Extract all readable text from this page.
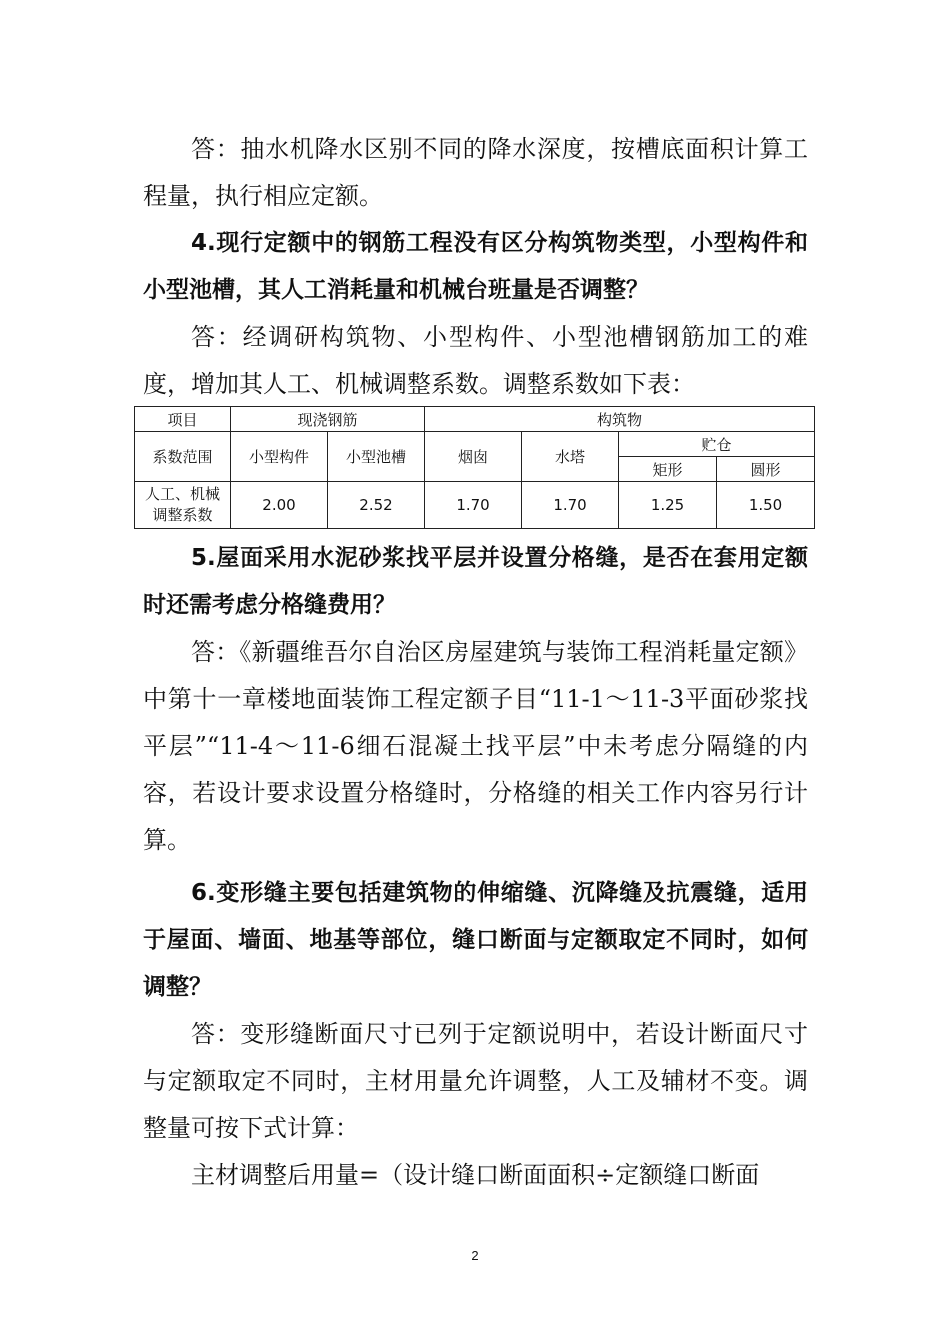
答：抽水机降水区别不同的降水深度，按槽底面积计算工程量，执行相应定额。

4.现行定额中的钢筋工程没有区分构筑物类型，小型构件和小型池槽，其人工消耗量和机械台班量是否调整？

答：经调研构筑物、小型构件、小型池槽钢筋加工的难度，增加其人工、机械调整系数。调整系数如下表：

项目	现浇钢筋		构筑物			
系数范围	小型构件	小型池槽	烟囱	水塔	贮仓	
					矩形	圆形
人工、机械
调整系数	2.00	2.52	1.70	1.70	1.25	1.50

5.屋面采用水泥砂浆找平层并设置分格缝，是否在套用定额时还需考虑分格缝费用？

答：《新疆维吾尔自治区房屋建筑与装饰工程消耗量定额》中第十一章楼地面装饰工程定额子目“11-1～11-3平面砂浆找平层”“11-4～11-6细石混凝土找平层”中未考虑分隔缝的内容，若设计要求设置分格缝时，分格缝的相关工作内容另行计算。

6.变形缝主要包括建筑物的伸缩缝、沉降缝及抗震缝，适用于屋面、墙面、地基等部位，缝口断面与定额取定不同时，如何调整？

答：变形缝断面尺寸已列于定额说明中，若设计断面尺寸与定额取定不同时，主材用量允许调整，人工及辅材不变。调整量可按下式计算：

主材调整后用量=（设计缝口断面面积÷定额缝口断面

2
